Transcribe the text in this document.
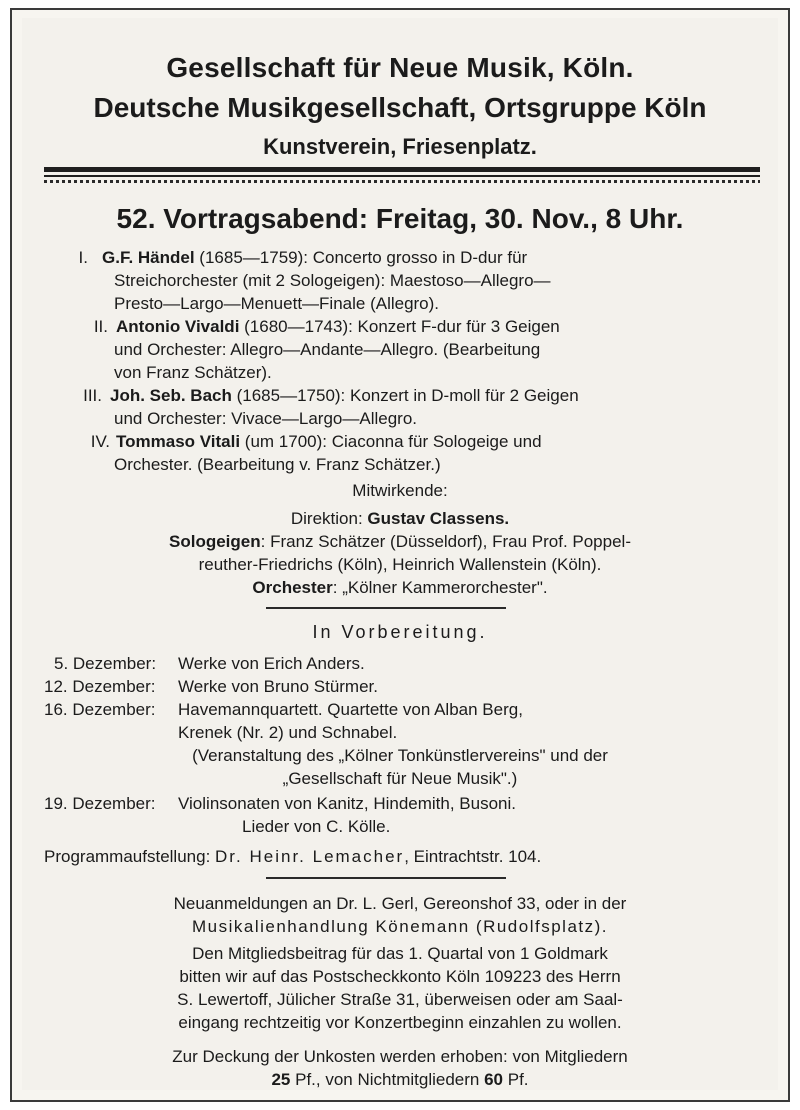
Gesellschaft für Neue Musik, Köln.
Deutsche Musikgesellschaft, Ortsgruppe Köln
Kunstverein, Friesenplatz.
52. Vortragsabend: Freitag, 30. Nov., 8 Uhr.
I. G.F. Händel (1685—1759): Concerto grosso in D-dur für
Streichorchester (mit 2 Sologeigen): Maestoso—Allegro—
Presto—Largo—Menuett—Finale (Allegro).
II. Antonio Vivaldi (1680—1743): Konzert F-dur für 3 Geigen
und Orchester: Allegro—Andante—Allegro. (Bearbeitung
von Franz Schätzer).
III. Joh. Seb. Bach (1685—1750): Konzert in D-moll für 2 Geigen
und Orchester: Vivace—Largo—Allegro.
IV. Tommaso Vitali (um 1700): Ciaconna für Sologeige und
Orchester. (Bearbeitung v. Franz Schätzer.)
Mitwirkende:
Direktion: Gustav Classens.
Sologeigen: Franz Schätzer (Düsseldorf), Frau Prof. Poppel-
reuther-Friedrichs (Köln), Heinrich Wallenstein (Köln).
Orchester: „Kölner Kammerorchester".
In Vorbereitung.
5. Dezember: Werke von Erich Anders.
12. Dezember: Werke von Bruno Stürmer.
16. Dezember: Havemannquartett. Quartette von Alban Berg,
Krenek (Nr. 2) und Schnabel.
(Veranstaltung des „Kölner Tonkünstlervereins" und der
„Gesellschaft für Neue Musik".)
19. Dezember: Violinsonaten von Kanitz, Hindemith, Busoni.
Lieder von C. Kölle.
Programmaufstellung: Dr. Heinr. Lemacher, Eintrachtstr. 104.
Neuanmeldungen an Dr. L. Gerl, Gereonshof 33, oder in der
Musikalienhandlung Könemann (Rudolfsplatz).
Den Mitgliedsbeitrag für das 1. Quartal von 1 Goldmark
bitten wir auf das Postscheckkonto Köln 109223 des Herrn
S. Lewertoff, Jülicher Straße 31, überweisen oder am Saal-
eingang rechtzeitig vor Konzertbeginn einzahlen zu wollen.
Zur Deckung der Unkosten werden erhoben: von Mitgliedern
25 Pf., von Nichtmitgliedern 60 Pf.
